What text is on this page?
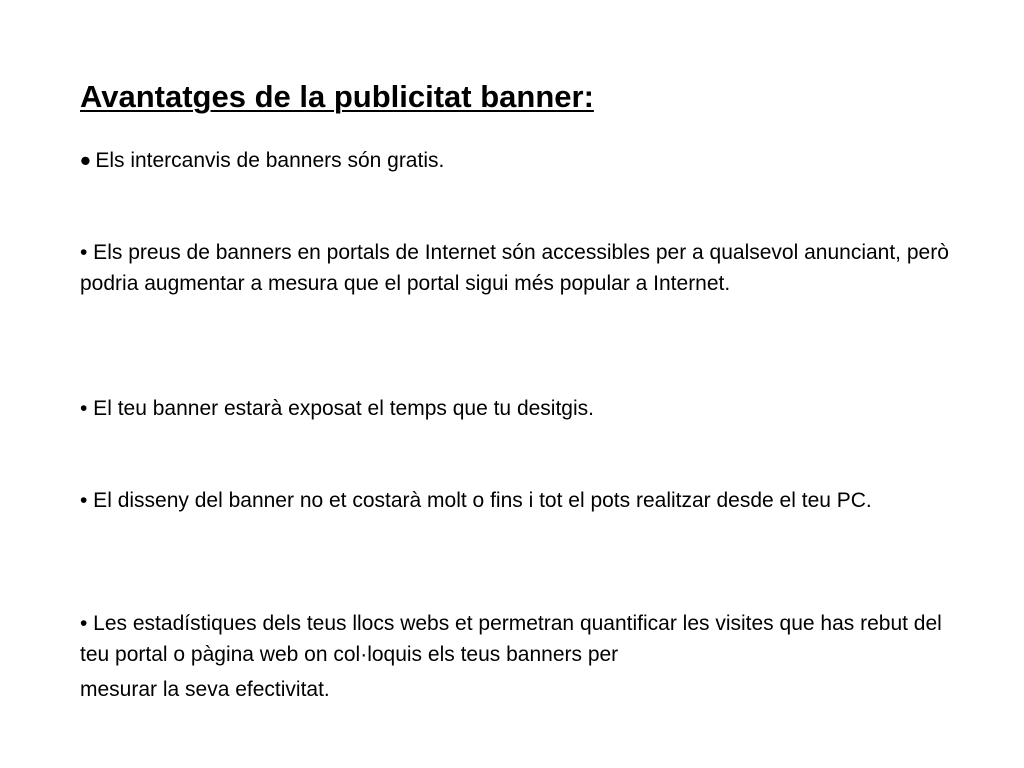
Avantatges de la publicitat banner:
• Els intercanvis de banners són gratis.

• Els preus de banners en portals de Internet són accessibles per a qualsevol anunciant, però podria augmentar a mesura que el portal sigui més popular a Internet.

• El teu banner estarà exposat el temps que tu desitgis.

• El disseny del banner no et costarà molt o fins i tot el pots realitzar desde el teu PC.

• Les estadístiques dels teus llocs webs et permetran quantificar les visites que has rebut del teu portal o pàgina web on col·loquis els teus banners per
mesurar la seva efectivitat.
